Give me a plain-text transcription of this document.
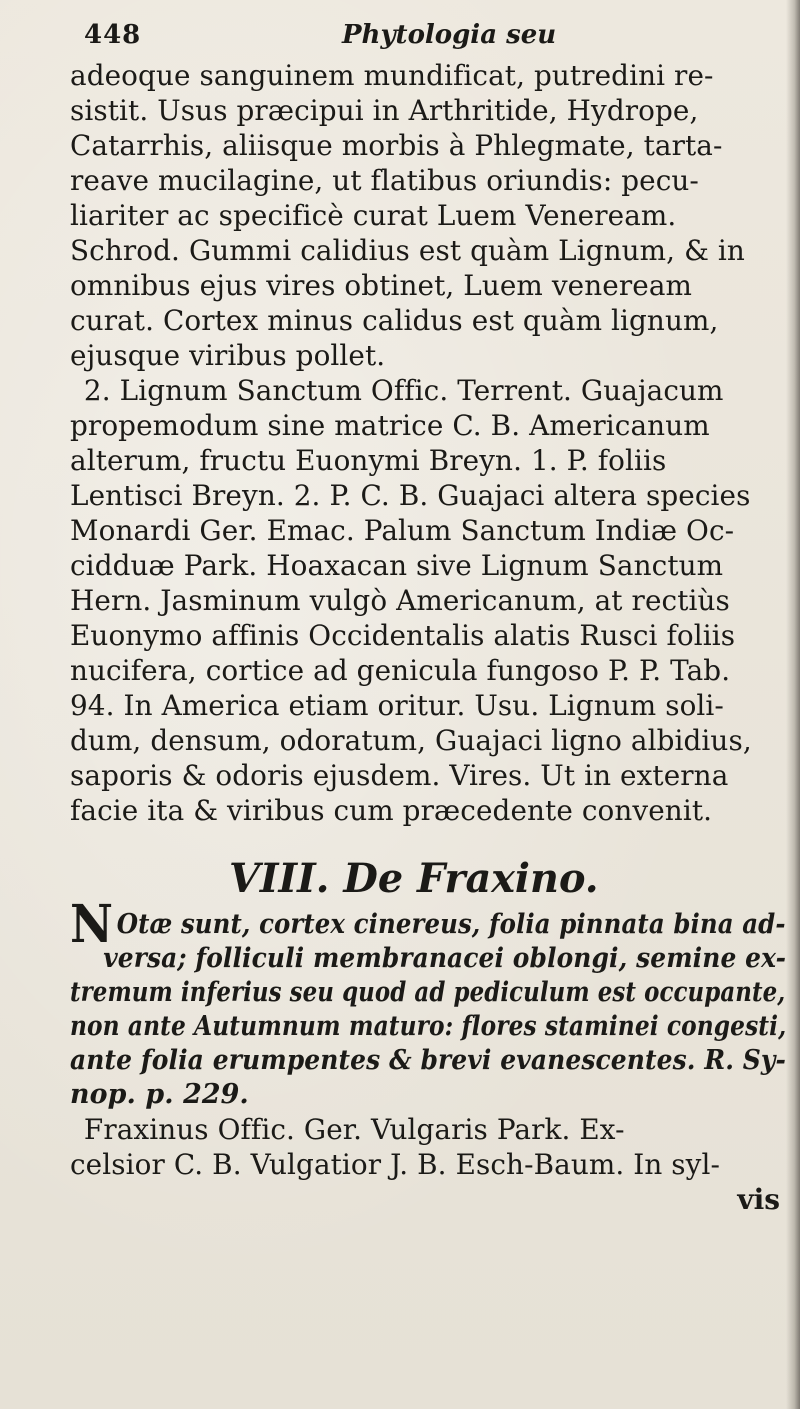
448	Phytologia seu
adeoque sanguinem mundificat, putredini re-
sistit. Usus præcipui in Arthritide, Hydrope,
Catarrhis, aliisque morbis à Phlegmate, tarta-
reave mucilagine, ut flatibus oriundis: pecu-
liariter ac specificè curat Luem Veneream.
Schrod. Gummi calidius est quàm Lignum, & in
omnibus ejus vires obtinet, Luem veneream
curat. Cortex minus calidus est quàm lignum,
ejusque viribus pollet.
2. Lignum Sanctum Offic. Terrent. Guajacum
propemodum sine matrice C. B. Americanum
alterum, fructu Euonymi Breyn. 1. P. foliis
Lentisci Breyn. 2. P. C. B. Guajaci altera species
Monardi Ger. Emac. Palum Sanctum Indiæ Oc-
cidduæ Park. Hoaxacan sive Lignum Sanctum
Hern. Jasminum vulgò Americanum, at rectiùs
Euonymo affinis Occidentalis alatis Rusci foliis
nucifera, cortice ad genicula fungoso P. P. Tab.
94. In America etiam oritur. Usu. Lignum soli-
dum, densum, odoratum, Guajaci ligno albidius,
saporis & odoris ejusdem. Vires. Ut in externa
facie ita & viribus cum præcedente convenit.
VIII. De Fraxino.
N Otæ sunt, cortex cinereus, folia pinnata bina ad-
versa; folliculi membranacei oblongi, semine ex-
tremum inferius seu quod ad pediculum est occupante,
non ante Autumnum maturo: flores staminei congesti,
ante folia erumpentes & brevi evanescentes. R. Sy-
nop. p. 229.
Fraxinus Offic. Ger. Vulgaris Park. Ex-
celsior C. B. Vulgatior J. B. Esch-Baum. In syl-
vis
